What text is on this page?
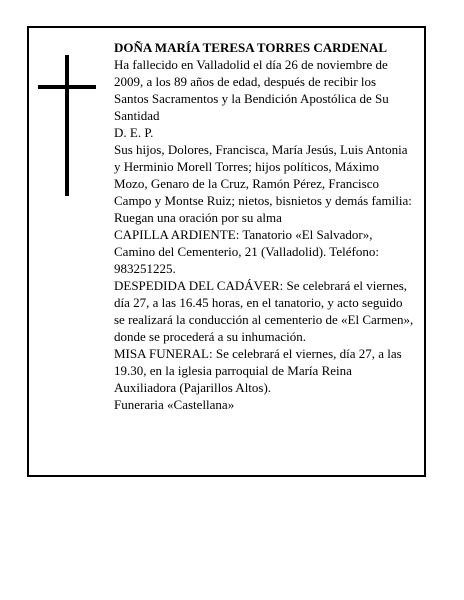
DOÑA MARÍA TERESA TORRES CARDENAL

Ha fallecido en Valladolid el día 26 de noviembre de 2009, a los 89 años de edad, después de recibir los Santos Sacramentos y la Bendición Apostólica de Su Santidad

D. E. P.

Sus hijos, Dolores, Francisca, María Jesús, Luis Antonia y Herminio Morell Torres; hijos políticos, Máximo Mozo, Genaro de la Cruz, Ramón Pérez, Francisco Campo y Montse Ruiz; nietos, bisnietos y demás familia:

Ruegan una oración por su alma

CAPILLA ARDIENTE: Tanatorio «El Salvador», Camino del Cementerio, 21 (Valladolid). Teléfono: 983251225.

DESPEDIDA DEL CADÁVER: Se celebrará el viernes, día 27, a las 16.45 horas, en el tanatorio, y acto seguido se realizará la conducción al cementerio de «El Carmen», donde se procederá a su inhumación.

MISA FUNERAL: Se celebrará el viernes, día 27, a las 19.30, en la iglesia parroquial de María Reina Auxiliadora (Pajarillos Altos).

Funeraria «Castellana»
